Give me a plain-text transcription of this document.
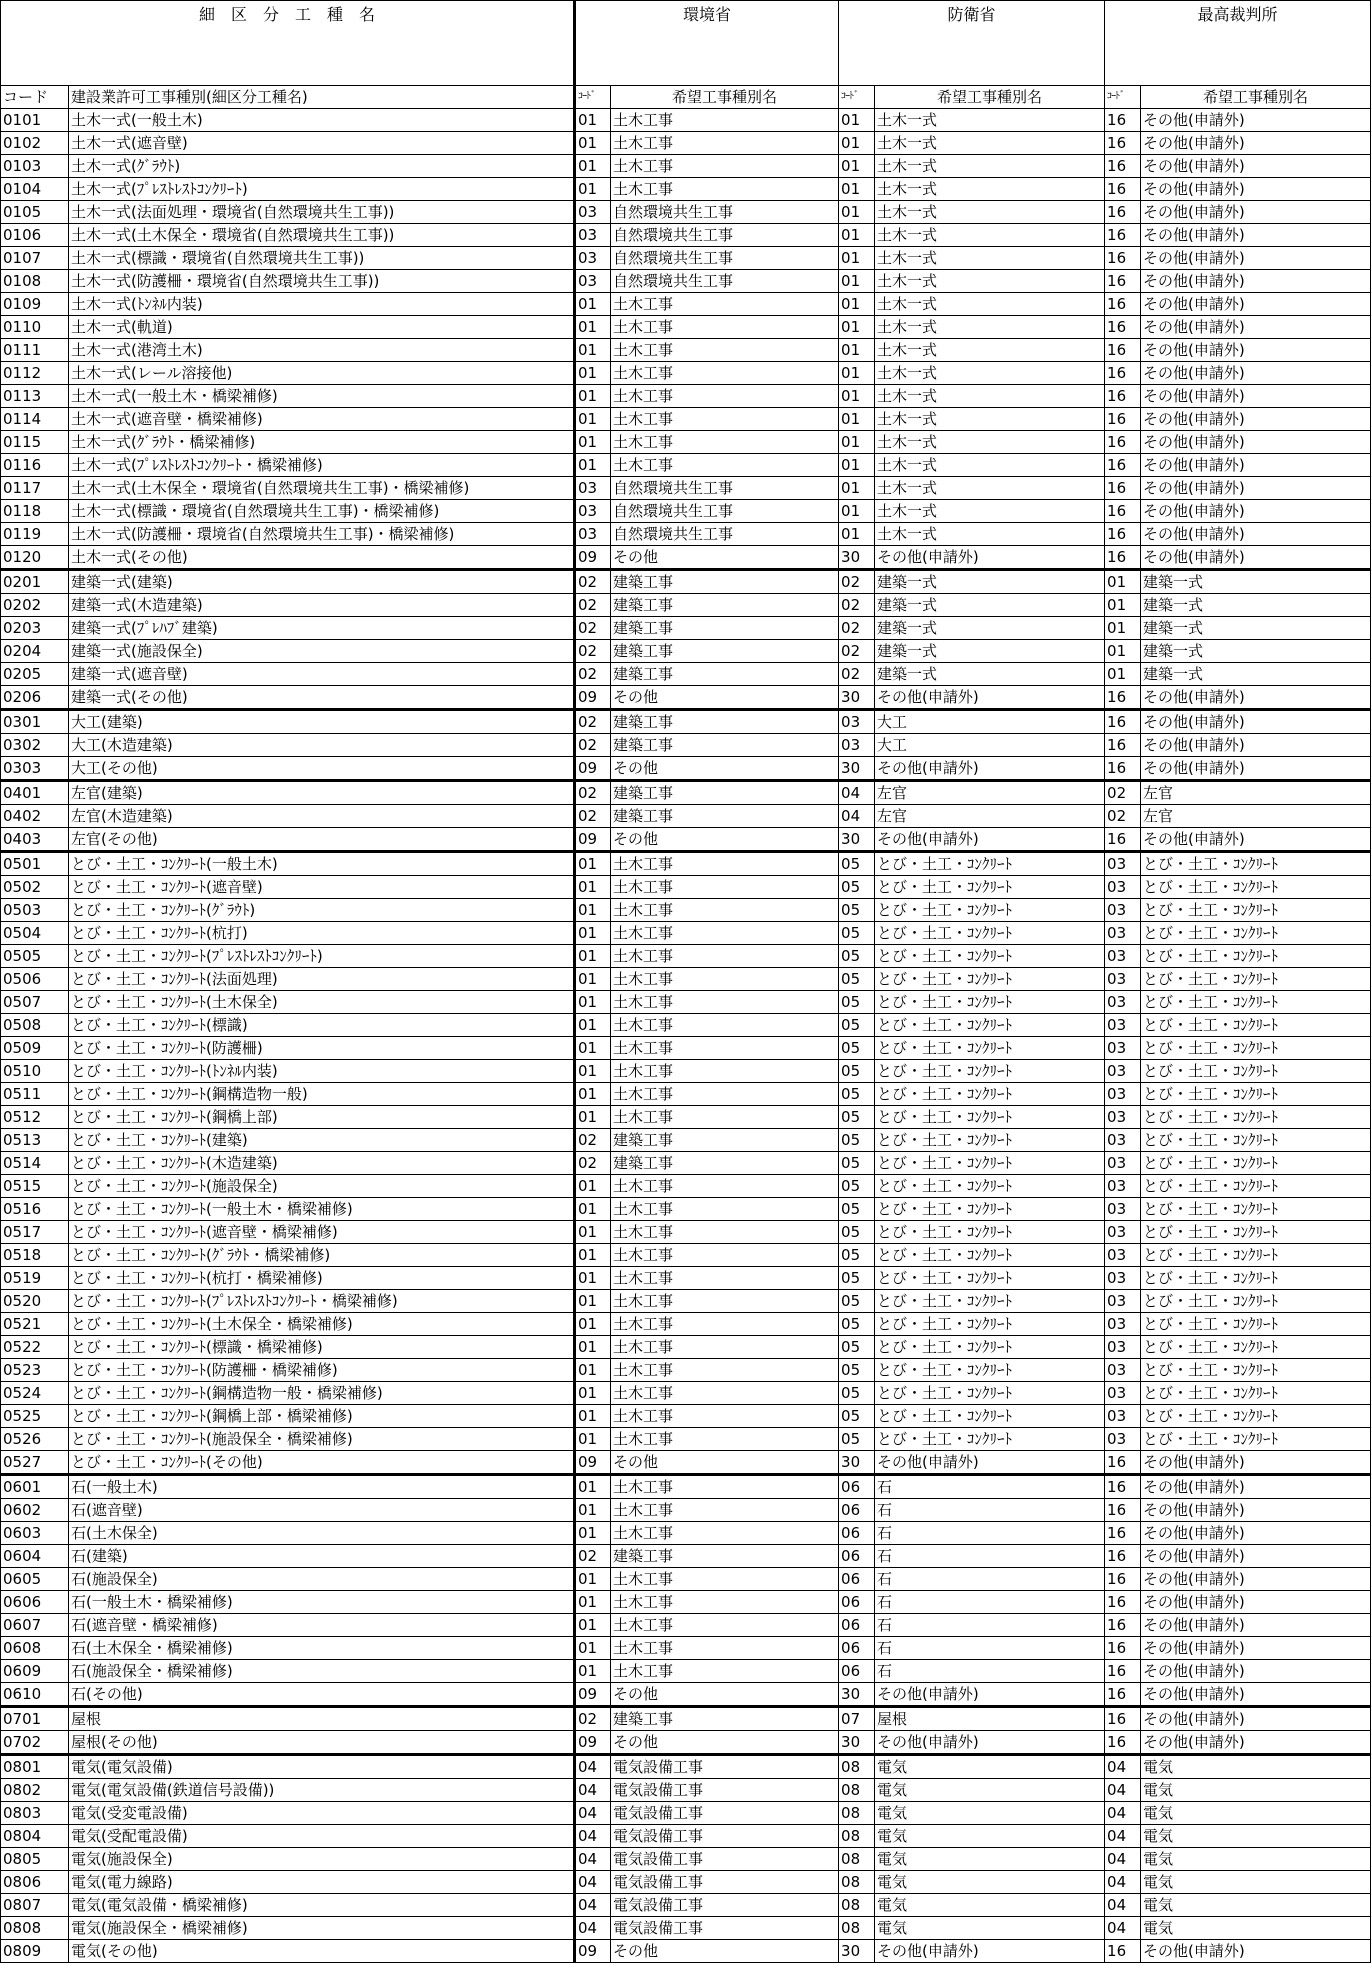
細　区　分　工　種　名		環境省		防衛省		最高裁判所	
コード	建設業許可工事種別(細区分工種名)	ｺｰﾄﾞ	希望工事種別名	ｺｰﾄﾞ	希望工事種別名	ｺｰﾄﾞ	希望工事種別名
0101	土木一式(一般土木)	01	土木工事	01	土木一式	16	その他(申請外)
0102	土木一式(遮音壁)	01	土木工事	01	土木一式	16	その他(申請外)
0103	土木一式(ｸﾞﾗｳﾄ)	01	土木工事	01	土木一式	16	その他(申請外)
0104	土木一式(ﾌﾟﾚｽﾄﾚｽﾄｺﾝｸﾘｰﾄ)	01	土木工事	01	土木一式	16	その他(申請外)
0105	土木一式(法面処理・環境省(自然環境共生工事))	03	自然環境共生工事	01	土木一式	16	その他(申請外)
0106	土木一式(土木保全・環境省(自然環境共生工事))	03	自然環境共生工事	01	土木一式	16	その他(申請外)
0107	土木一式(標識・環境省(自然環境共生工事))	03	自然環境共生工事	01	土木一式	16	その他(申請外)
0108	土木一式(防護柵・環境省(自然環境共生工事))	03	自然環境共生工事	01	土木一式	16	その他(申請外)
0109	土木一式(ﾄﾝﾈﾙ内装)	01	土木工事	01	土木一式	16	その他(申請外)
0110	土木一式(軌道)	01	土木工事	01	土木一式	16	その他(申請外)
0111	土木一式(港湾土木)	01	土木工事	01	土木一式	16	その他(申請外)
0112	土木一式(レール溶接他)	01	土木工事	01	土木一式	16	その他(申請外)
0113	土木一式(一般土木・橋梁補修)	01	土木工事	01	土木一式	16	その他(申請外)
0114	土木一式(遮音壁・橋梁補修)	01	土木工事	01	土木一式	16	その他(申請外)
0115	土木一式(ｸﾞﾗｳﾄ・橋梁補修)	01	土木工事	01	土木一式	16	その他(申請外)
0116	土木一式(ﾌﾟﾚｽﾄﾚｽﾄｺﾝｸﾘｰﾄ・橋梁補修)	01	土木工事	01	土木一式	16	その他(申請外)
0117	土木一式(土木保全・環境省(自然環境共生工事)・橋梁補修)	03	自然環境共生工事	01	土木一式	16	その他(申請外)
0118	土木一式(標識・環境省(自然環境共生工事)・橋梁補修)	03	自然環境共生工事	01	土木一式	16	その他(申請外)
0119	土木一式(防護柵・環境省(自然環境共生工事)・橋梁補修)	03	自然環境共生工事	01	土木一式	16	その他(申請外)
0120	土木一式(その他)	09	その他	30	その他(申請外)	16	その他(申請外)
0201	建築一式(建築)	02	建築工事	02	建築一式	01	建築一式
0202	建築一式(木造建築)	02	建築工事	02	建築一式	01	建築一式
0203	建築一式(ﾌﾟﾚﾊﾌﾞ建築)	02	建築工事	02	建築一式	01	建築一式
0204	建築一式(施設保全)	02	建築工事	02	建築一式	01	建築一式
0205	建築一式(遮音壁)	02	建築工事	02	建築一式	01	建築一式
0206	建築一式(その他)	09	その他	30	その他(申請外)	16	その他(申請外)
0301	大工(建築)	02	建築工事	03	大工	16	その他(申請外)
0302	大工(木造建築)	02	建築工事	03	大工	16	その他(申請外)
0303	大工(その他)	09	その他	30	その他(申請外)	16	その他(申請外)
0401	左官(建築)	02	建築工事	04	左官	02	左官
0402	左官(木造建築)	02	建築工事	04	左官	02	左官
0403	左官(その他)	09	その他	30	その他(申請外)	16	その他(申請外)
0501	とび・土工・ｺﾝｸﾘｰﾄ(一般土木)	01	土木工事	05	とび・土工・ｺﾝｸﾘｰﾄ	03	とび・土工・ｺﾝｸﾘｰﾄ
0502	とび・土工・ｺﾝｸﾘｰﾄ(遮音壁)	01	土木工事	05	とび・土工・ｺﾝｸﾘｰﾄ	03	とび・土工・ｺﾝｸﾘｰﾄ
0503	とび・土工・ｺﾝｸﾘｰﾄ(ｸﾞﾗｳﾄ)	01	土木工事	05	とび・土工・ｺﾝｸﾘｰﾄ	03	とび・土工・ｺﾝｸﾘｰﾄ
0504	とび・土工・ｺﾝｸﾘｰﾄ(杭打)	01	土木工事	05	とび・土工・ｺﾝｸﾘｰﾄ	03	とび・土工・ｺﾝｸﾘｰﾄ
0505	とび・土工・ｺﾝｸﾘｰﾄ(ﾌﾟﾚｽﾄﾚｽﾄｺﾝｸﾘｰﾄ)	01	土木工事	05	とび・土工・ｺﾝｸﾘｰﾄ	03	とび・土工・ｺﾝｸﾘｰﾄ
0506	とび・土工・ｺﾝｸﾘｰﾄ(法面処理)	01	土木工事	05	とび・土工・ｺﾝｸﾘｰﾄ	03	とび・土工・ｺﾝｸﾘｰﾄ
0507	とび・土工・ｺﾝｸﾘｰﾄ(土木保全)	01	土木工事	05	とび・土工・ｺﾝｸﾘｰﾄ	03	とび・土工・ｺﾝｸﾘｰﾄ
0508	とび・土工・ｺﾝｸﾘｰﾄ(標識)	01	土木工事	05	とび・土工・ｺﾝｸﾘｰﾄ	03	とび・土工・ｺﾝｸﾘｰﾄ
0509	とび・土工・ｺﾝｸﾘｰﾄ(防護柵)	01	土木工事	05	とび・土工・ｺﾝｸﾘｰﾄ	03	とび・土工・ｺﾝｸﾘｰﾄ
0510	とび・土工・ｺﾝｸﾘｰﾄ(ﾄﾝﾈﾙ内装)	01	土木工事	05	とび・土工・ｺﾝｸﾘｰﾄ	03	とび・土工・ｺﾝｸﾘｰﾄ
0511	とび・土工・ｺﾝｸﾘｰﾄ(鋼構造物一般)	01	土木工事	05	とび・土工・ｺﾝｸﾘｰﾄ	03	とび・土工・ｺﾝｸﾘｰﾄ
0512	とび・土工・ｺﾝｸﾘｰﾄ(鋼橋上部)	01	土木工事	05	とび・土工・ｺﾝｸﾘｰﾄ	03	とび・土工・ｺﾝｸﾘｰﾄ
0513	とび・土工・ｺﾝｸﾘｰﾄ(建築)	02	建築工事	05	とび・土工・ｺﾝｸﾘｰﾄ	03	とび・土工・ｺﾝｸﾘｰﾄ
0514	とび・土工・ｺﾝｸﾘｰﾄ(木造建築)	02	建築工事	05	とび・土工・ｺﾝｸﾘｰﾄ	03	とび・土工・ｺﾝｸﾘｰﾄ
0515	とび・土工・ｺﾝｸﾘｰﾄ(施設保全)	01	土木工事	05	とび・土工・ｺﾝｸﾘｰﾄ	03	とび・土工・ｺﾝｸﾘｰﾄ
0516	とび・土工・ｺﾝｸﾘｰﾄ(一般土木・橋梁補修)	01	土木工事	05	とび・土工・ｺﾝｸﾘｰﾄ	03	とび・土工・ｺﾝｸﾘｰﾄ
0517	とび・土工・ｺﾝｸﾘｰﾄ(遮音壁・橋梁補修)	01	土木工事	05	とび・土工・ｺﾝｸﾘｰﾄ	03	とび・土工・ｺﾝｸﾘｰﾄ
0518	とび・土工・ｺﾝｸﾘｰﾄ(ｸﾞﾗｳﾄ・橋梁補修)	01	土木工事	05	とび・土工・ｺﾝｸﾘｰﾄ	03	とび・土工・ｺﾝｸﾘｰﾄ
0519	とび・土工・ｺﾝｸﾘｰﾄ(杭打・橋梁補修)	01	土木工事	05	とび・土工・ｺﾝｸﾘｰﾄ	03	とび・土工・ｺﾝｸﾘｰﾄ
0520	とび・土工・ｺﾝｸﾘｰﾄ(ﾌﾟﾚｽﾄﾚｽﾄｺﾝｸﾘｰﾄ・橋梁補修)	01	土木工事	05	とび・土工・ｺﾝｸﾘｰﾄ	03	とび・土工・ｺﾝｸﾘｰﾄ
0521	とび・土工・ｺﾝｸﾘｰﾄ(土木保全・橋梁補修)	01	土木工事	05	とび・土工・ｺﾝｸﾘｰﾄ	03	とび・土工・ｺﾝｸﾘｰﾄ
0522	とび・土工・ｺﾝｸﾘｰﾄ(標識・橋梁補修)	01	土木工事	05	とび・土工・ｺﾝｸﾘｰﾄ	03	とび・土工・ｺﾝｸﾘｰﾄ
0523	とび・土工・ｺﾝｸﾘｰﾄ(防護柵・橋梁補修)	01	土木工事	05	とび・土工・ｺﾝｸﾘｰﾄ	03	とび・土工・ｺﾝｸﾘｰﾄ
0524	とび・土工・ｺﾝｸﾘｰﾄ(鋼構造物一般・橋梁補修)	01	土木工事	05	とび・土工・ｺﾝｸﾘｰﾄ	03	とび・土工・ｺﾝｸﾘｰﾄ
0525	とび・土工・ｺﾝｸﾘｰﾄ(鋼橋上部・橋梁補修)	01	土木工事	05	とび・土工・ｺﾝｸﾘｰﾄ	03	とび・土工・ｺﾝｸﾘｰﾄ
0526	とび・土工・ｺﾝｸﾘｰﾄ(施設保全・橋梁補修)	01	土木工事	05	とび・土工・ｺﾝｸﾘｰﾄ	03	とび・土工・ｺﾝｸﾘｰﾄ
0527	とび・土工・ｺﾝｸﾘｰﾄ(その他)	09	その他	30	その他(申請外)	16	その他(申請外)
0601	石(一般土木)	01	土木工事	06	石	16	その他(申請外)
0602	石(遮音壁)	01	土木工事	06	石	16	その他(申請外)
0603	石(土木保全)	01	土木工事	06	石	16	その他(申請外)
0604	石(建築)	02	建築工事	06	石	16	その他(申請外)
0605	石(施設保全)	01	土木工事	06	石	16	その他(申請外)
0606	石(一般土木・橋梁補修)	01	土木工事	06	石	16	その他(申請外)
0607	石(遮音壁・橋梁補修)	01	土木工事	06	石	16	その他(申請外)
0608	石(土木保全・橋梁補修)	01	土木工事	06	石	16	その他(申請外)
0609	石(施設保全・橋梁補修)	01	土木工事	06	石	16	その他(申請外)
0610	石(その他)	09	その他	30	その他(申請外)	16	その他(申請外)
0701	屋根	02	建築工事	07	屋根	16	その他(申請外)
0702	屋根(その他)	09	その他	30	その他(申請外)	16	その他(申請外)
0801	電気(電気設備)	04	電気設備工事	08	電気	04	電気
0802	電気(電気設備(鉄道信号設備))	04	電気設備工事	08	電気	04	電気
0803	電気(受変電設備)	04	電気設備工事	08	電気	04	電気
0804	電気(受配電設備)	04	電気設備工事	08	電気	04	電気
0805	電気(施設保全)	04	電気設備工事	08	電気	04	電気
0806	電気(電力線路)	04	電気設備工事	08	電気	04	電気
0807	電気(電気設備・橋梁補修)	04	電気設備工事	08	電気	04	電気
0808	電気(施設保全・橋梁補修)	04	電気設備工事	08	電気	04	電気
0809	電気(その他)	09	その他	30	その他(申請外)	16	その他(申請外)
